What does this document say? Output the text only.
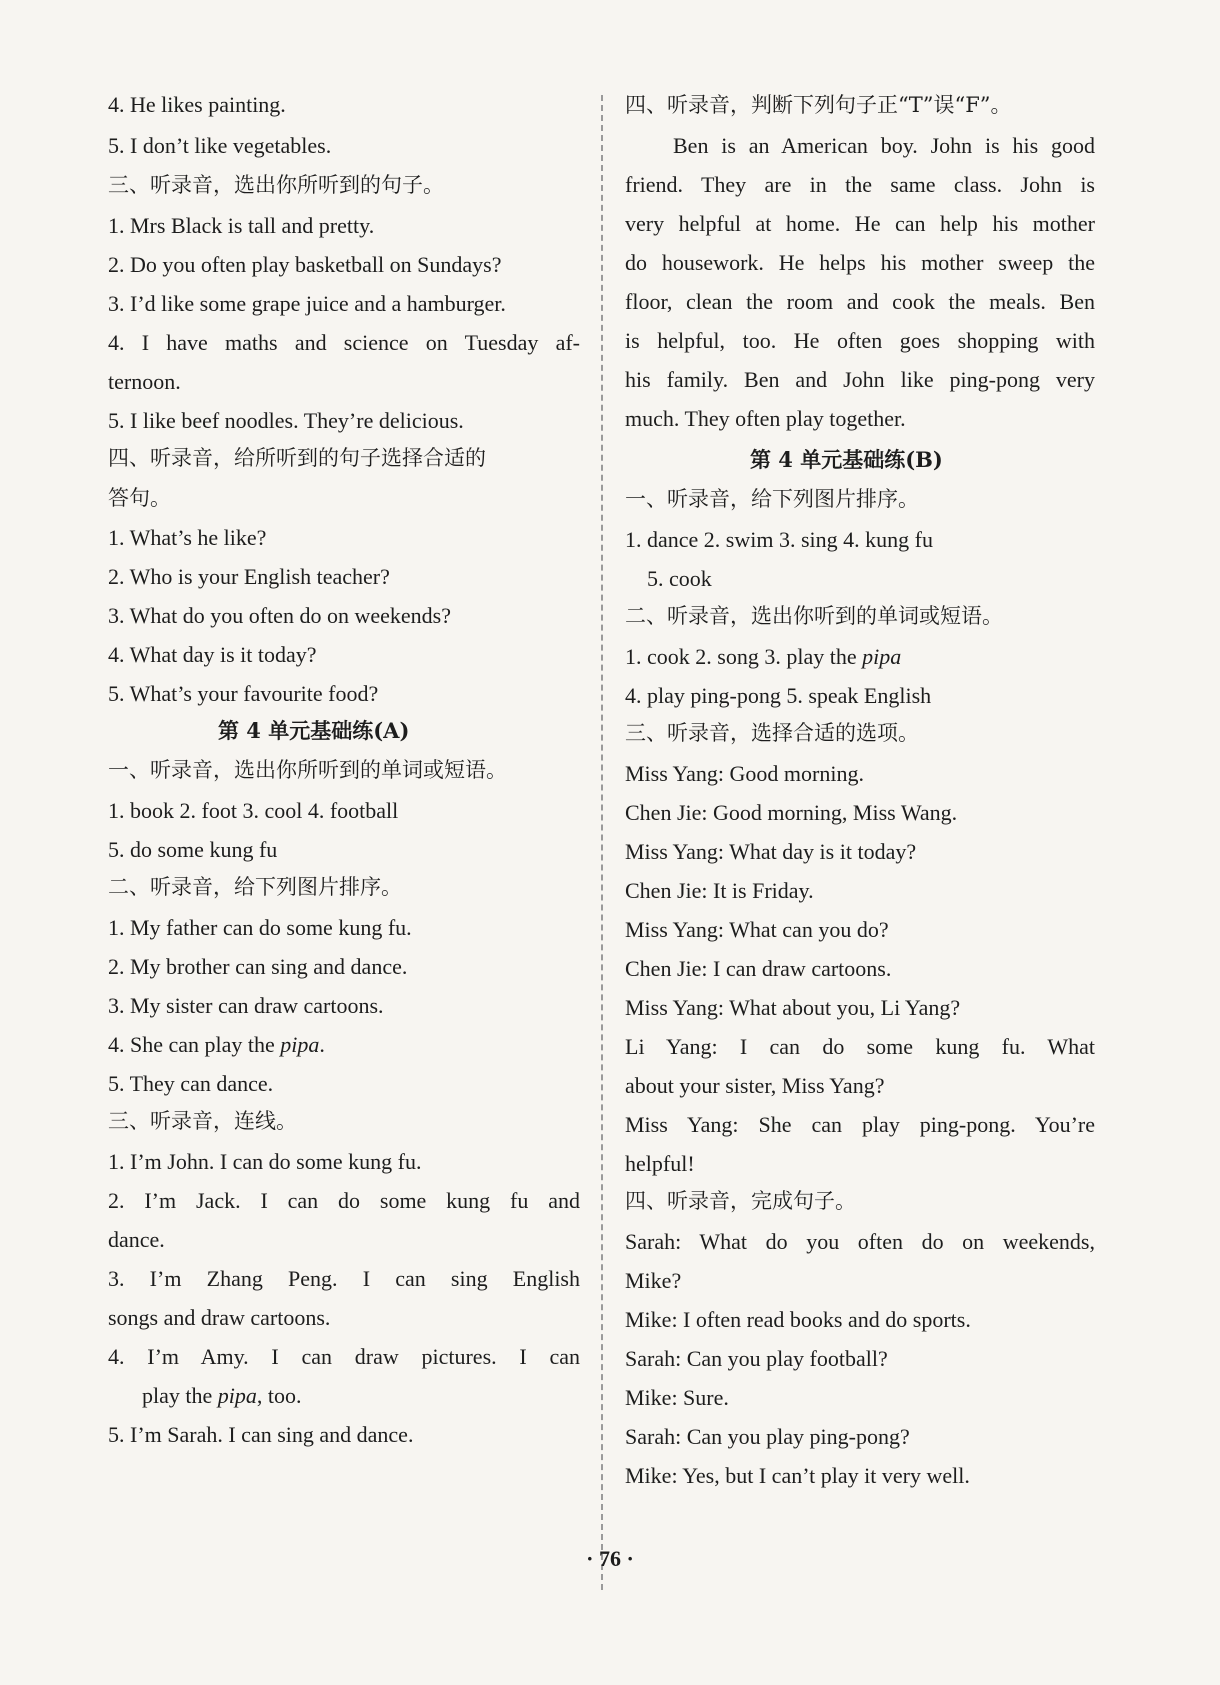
4. He likes painting.
5. I don’t like vegetables.
三、听录音，选出你所听到的句子。
1. Mrs Black is tall and pretty.
2. Do you often play basketball on Sundays?
3. I’d like some grape juice and a hamburger.
4. I have maths and science on Tuesday af-
ternoon.
5. I like beef noodles. They’re delicious.
四、听录音，给所听到的句子选择合适的
答句。
1. What’s he like?
2. Who is your English teacher?
3. What do you often do on weekends?
4. What day is it today?
5. What’s your favourite food?
第 4 单元基础练(A)
一、听录音，选出你所听到的单词或短语。
1. book 2. foot 3. cool 4. football
5. do some kung fu
二、听录音，给下列图片排序。
1. My father can do some kung fu.
2. My brother can sing and dance.
3. My sister can draw cartoons.
5. They can dance.
三、听录音，连线。
1. I’m John. I can do some kung fu.
2. I’m Jack. I can do some kung fu and
dance.
3. I’m Zhang Peng. I can sing English
songs and draw cartoons.
4. I’m Amy. I can draw pictures. I can
5. I’m Sarah. I can sing and dance.
4. She can play the pipa.
play the pipa, too.
四、听录音，判断下列句子正“T”误“F”。
Ben is an American boy. John is his good
friend. They are in the same class. John is
very helpful at home. He can help his mother
do housework. He helps his mother sweep the
floor, clean the room and cook the meals. Ben
is helpful, too. He often goes shopping with
his family. Ben and John like ping-pong very
much. They often play together.
第 4 单元基础练(B)
一、听录音，给下列图片排序。
1. dance 2. swim 3. sing 4. kung fu
5. cook
二、听录音，选出你听到的单词或短语。
4. play ping-pong 5. speak English
三、听录音，选择合适的选项。
Miss Yang: Good morning.
Chen Jie: Good morning, Miss Wang.
Miss Yang: What day is it today?
Chen Jie: It is Friday.
Miss Yang: What can you do?
Chen Jie: I can draw cartoons.
Miss Yang: What about you, Li Yang?
Li Yang: I can do some kung fu. What
about your sister, Miss Yang?
Miss Yang: She can play ping-pong. You’re
helpful!
四、听录音，完成句子。
Sarah: What do you often do on weekends,
Mike?
Mike: I often read books and do sports.
Sarah: Can you play football?
Mike: Sure.
Sarah: Can you play ping-pong?
Mike: Yes, but I can’t play it very well.
1. cook 2. song 3. play the pipa
· 76 ·
